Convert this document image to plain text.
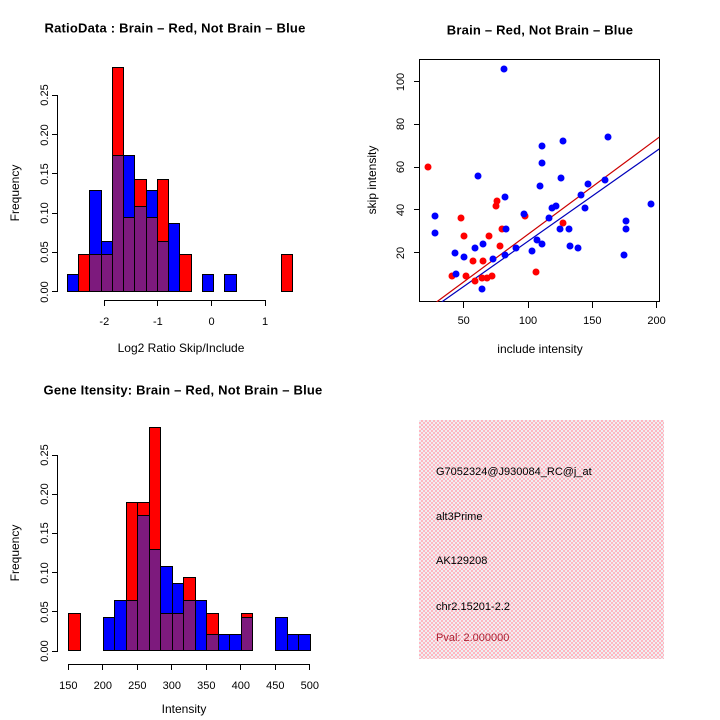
RatioData : Brain – Red, Not Brain – Blue	Brain – Red, Not Brain – Blue
Gene Itensity: Brain – Red, Not Brain – Blue
Log2 Ratio Skip/Include
Frequency
include intensity
skip intensity
Intensity
Frequency
-2	-1	0	1
0.00
0.05
0.10
0.15
0.20
0.25
150 200 250 300 350 400 450 500
0.00
0.05
0.10
0.15
0.20
0.25
50	100	150	200
20
40
60
80
100
G7052324@J930084_RC@j_at
alt3Prime
AK129208
chr2.15201-2.2
Pval: 2.000000
